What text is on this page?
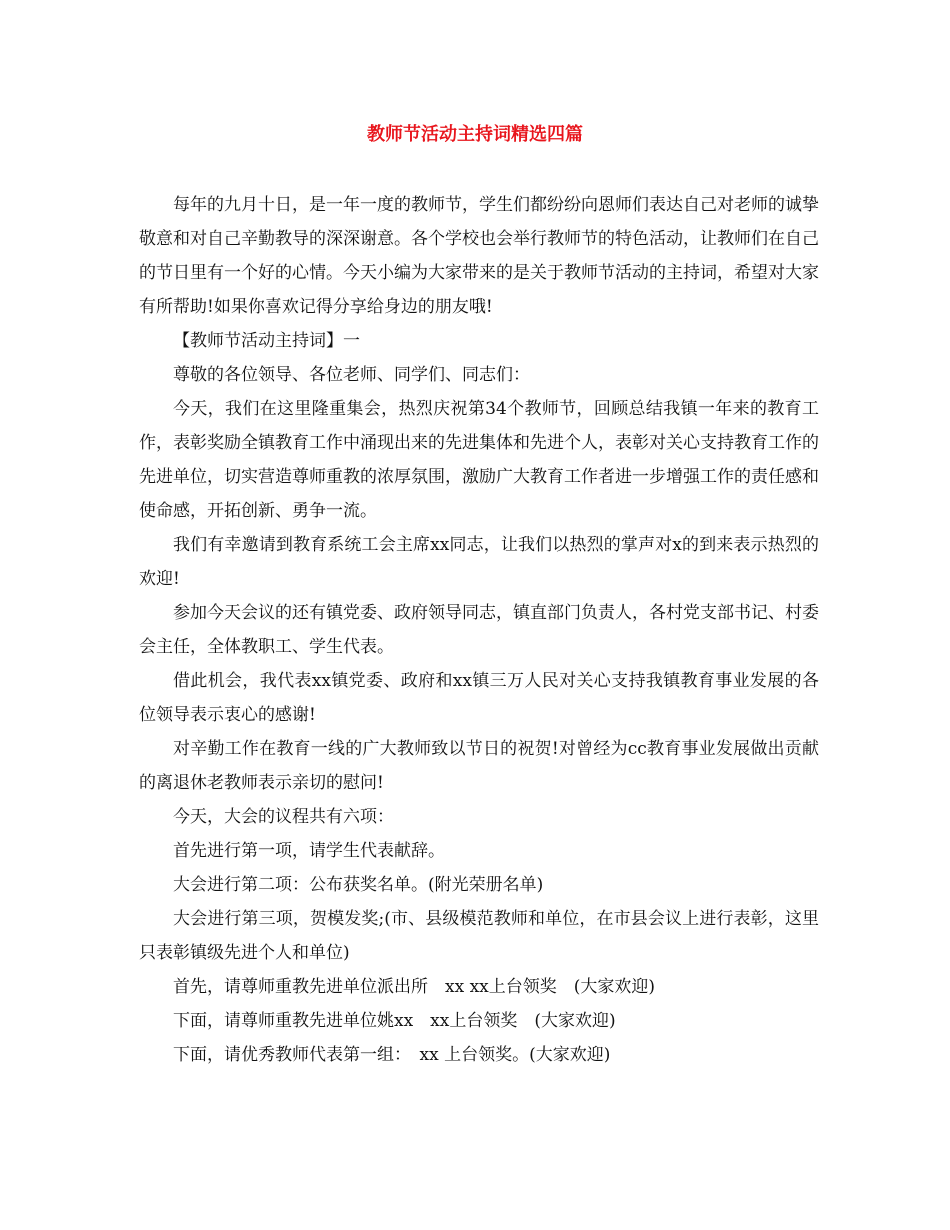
教师节活动主持词精选四篇

每年的九月十日，是一年一度的教师节，学生们都纷纷向恩师们表达自己对老师的诚挚敬意和对自己辛勤教导的深深谢意。各个学校也会举行教师节的特色活动，让教师们在自己的节日里有一个好的心情。今天小编为大家带来的是关于教师节活动的主持词，希望对大家有所帮助!如果你喜欢记得分享给身边的朋友哦!

【教师节活动主持词】一

尊敬的各位领导、各位老师、同学们、同志们：

今天，我们在这里隆重集会，热烈庆祝第34个教师节，回顾总结我镇一年来的教育工作，表彰奖励全镇教育工作中涌现出来的先进集体和先进个人，表彰对关心支持教育工作的先进单位，切实营造尊师重教的浓厚氛围，激励广大教育工作者进一步增强工作的责任感和使命感，开拓创新、勇争一流。

我们有幸邀请到教育系统工会主席xx同志，让我们以热烈的掌声对x的到来表示热烈的欢迎!

参加今天会议的还有镇党委、政府领导同志，镇直部门负责人，各村党支部书记、村委会主任，全体教职工、学生代表。

借此机会，我代表xx镇党委、政府和xx镇三万人民对关心支持我镇教育事业发展的各位领导表示衷心的感谢!

对辛勤工作在教育一线的广大教师致以节日的祝贺!对曾经为cc教育事业发展做出贡献的离退休老教师表示亲切的慰问!

今天，大会的议程共有六项：

首先进行第一项，请学生代表献辞。

大会进行第二项：公布获奖名单。(附光荣册名单)

大会进行第三项，贺模发奖;(市、县级模范教师和单位，在市县会议上进行表彰，这里只表彰镇级先进个人和单位)

首先，请尊师重教先进单位派出所　xx xx上台领奖　(大家欢迎)

下面，请尊师重教先进单位姚xx　xx上台领奖　(大家欢迎)

下面，请优秀教师代表第一组：　xx 上台领奖。(大家欢迎)
